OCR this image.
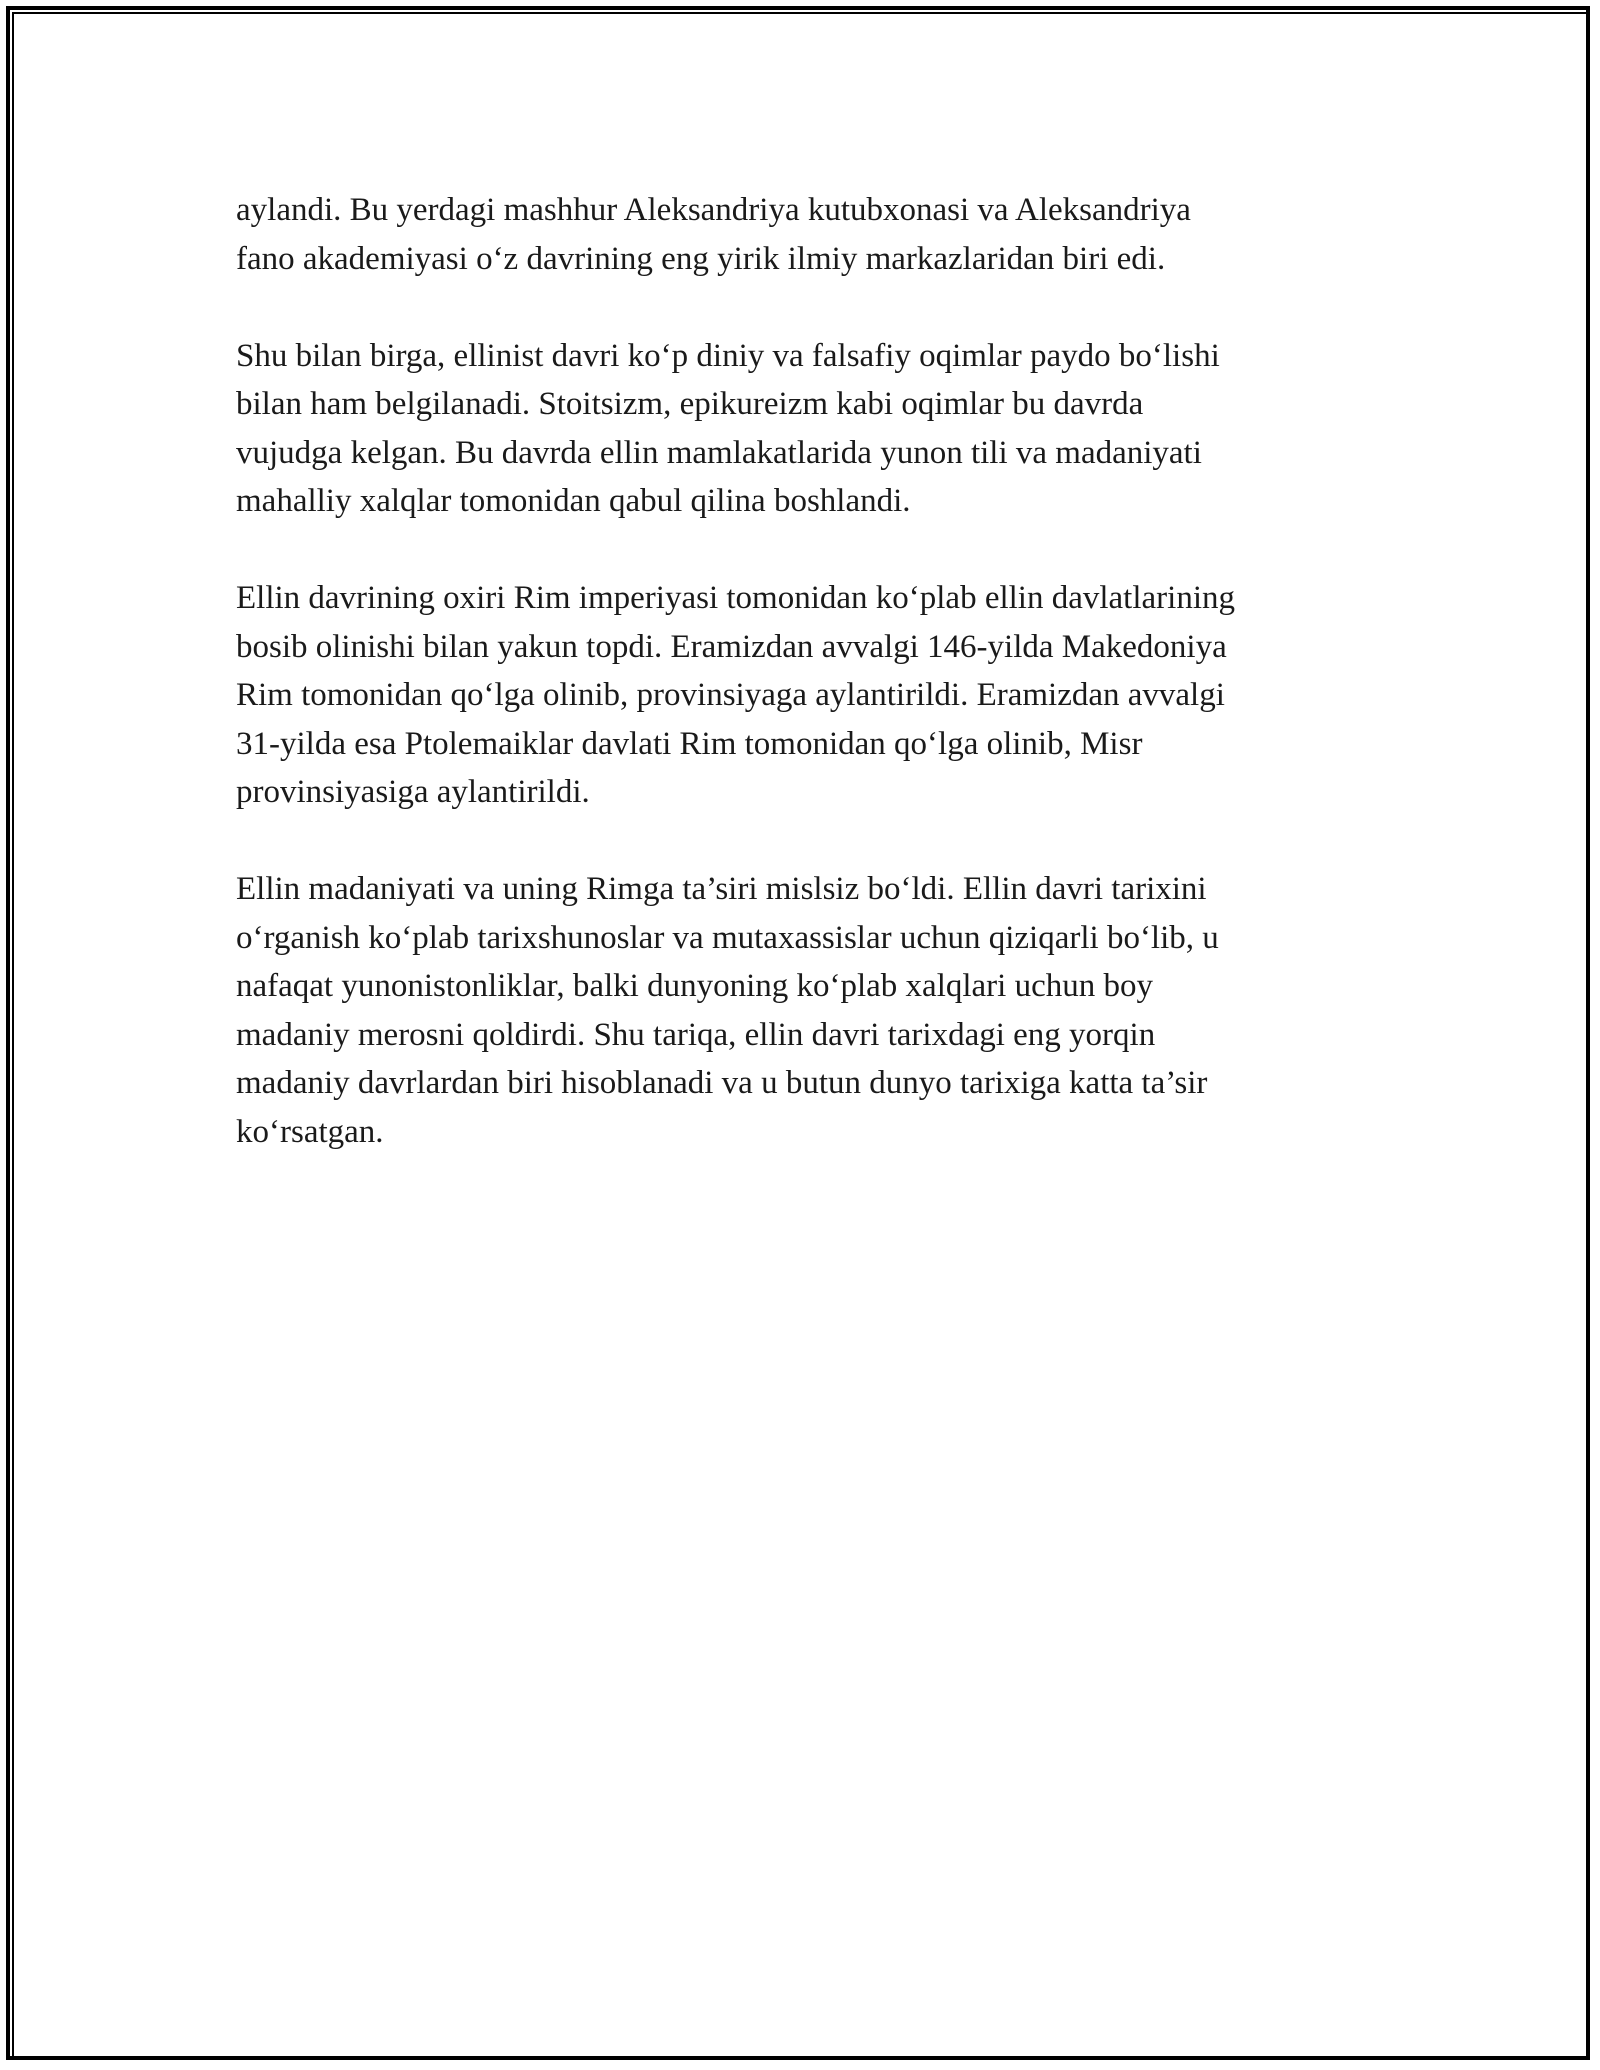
aylandi. Bu yerdagi mashhur Aleksandriya kutubxonasi va Aleksandriya
fano akademiyasi o‘z davrining eng yirik ilmiy markazlaridan biri edi.

Shu bilan birga, ellinist davri ko‘p diniy va falsafiy oqimlar paydo bo‘lishi
bilan ham belgilanadi. Stoitsizm, epikureizm kabi oqimlar bu davrda
vujudga kelgan. Bu davrda ellin mamlakatlarida yunon tili va madaniyati
mahalliy xalqlar tomonidan qabul qilina boshlandi.

Ellin davrining oxiri Rim imperiyasi tomonidan ko‘plab ellin davlatlarining
bosib olinishi bilan yakun topdi. Eramizdan avvalgi 146-yilda Makedoniya
Rim tomonidan qo‘lga olinib, provinsiyaga aylantirildi. Eramizdan avvalgi
31-yilda esa Ptolemaiklar davlati Rim tomonidan qo‘lga olinib, Misr
provinsiyasiga aylantirildi.

Ellin madaniyati va uning Rimga ta’siri mislsiz bo‘ldi. Ellin davri tarixini
o‘rganish ko‘plab tarixshunoslar va mutaxassislar uchun qiziqarli bo‘lib, u
nafaqat yunonistonliklar, balki dunyoning ko‘plab xalqlari uchun boy
madaniy merosni qoldirdi. Shu tariqa, ellin davri tarixdagi eng yorqin
madaniy davrlardan biri hisoblanadi va u butun dunyo tarixiga katta ta’sir
ko‘rsatgan.
